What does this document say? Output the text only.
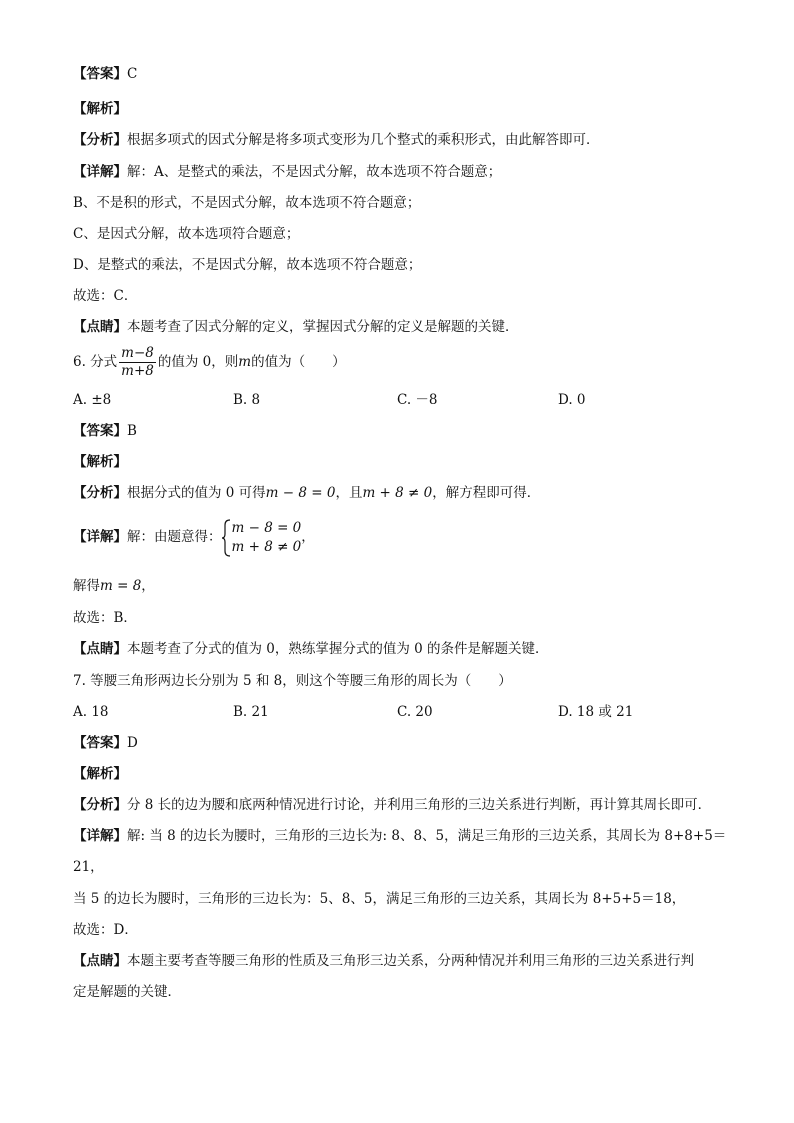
【答案】C
【解析】
【分析】根据多项式的因式分解是将多项式变形为几个整式的乘积形式，由此解答即可．
【详解】解：A、是整式的乘法，不是因式分解，故本选项不符合题意；
B、不是积的形式，不是因式分解，故本选项不符合题意；
C、是因式分解，故本选项符合题意；
D、是整式的乘法，不是因式分解，故本选项不符合题意；
故选：C．
【点睛】本题考查了因式分解的定义，掌握因式分解的定义是解题的关键．
6. 分式 $\frac{m-8}{m+8}$ 的值为 0，则m的值为（　　）
A. ±8	B. 8	C. －8	D. 0
【答案】B
【解析】
【分析】根据分式的值为 0 可得m − 8 = 0，且m + 8 ≠ 0，解方程即可得．
【详解】解：由题意得：
m − 8 = 0
m + 8 ≠ 0
，
解得m = 8，
故选：B．
【点睛】本题考查了分式的值为 0，熟练掌握分式的值为 0 的条件是解题关键．
7. 等腰三角形两边长分别为 5 和 8，则这个等腰三角形的周长为（　　）
A. 18	B. 21	C. 20	D. 18 或 21
【答案】D
【解析】
【分析】分 8 长的边为腰和底两种情况进行讨论，并利用三角形的三边关系进行判断，再计算其周长即可．
【详解】解: 当 8 的边长为腰时，三角形的三边长为: 8、8、5，满足三角形的三边关系，其周长为 8+8+5＝
21，
当 5 的边长为腰时，三角形的三边长为：5、8、5，满足三角形的三边关系，其周长为 8+5+5＝18，
故选：D．
【点睛】本题主要考查等腰三角形的性质及三角形三边关系，分两种情况并利用三角形的三边关系进行判
定是解题的关键．
